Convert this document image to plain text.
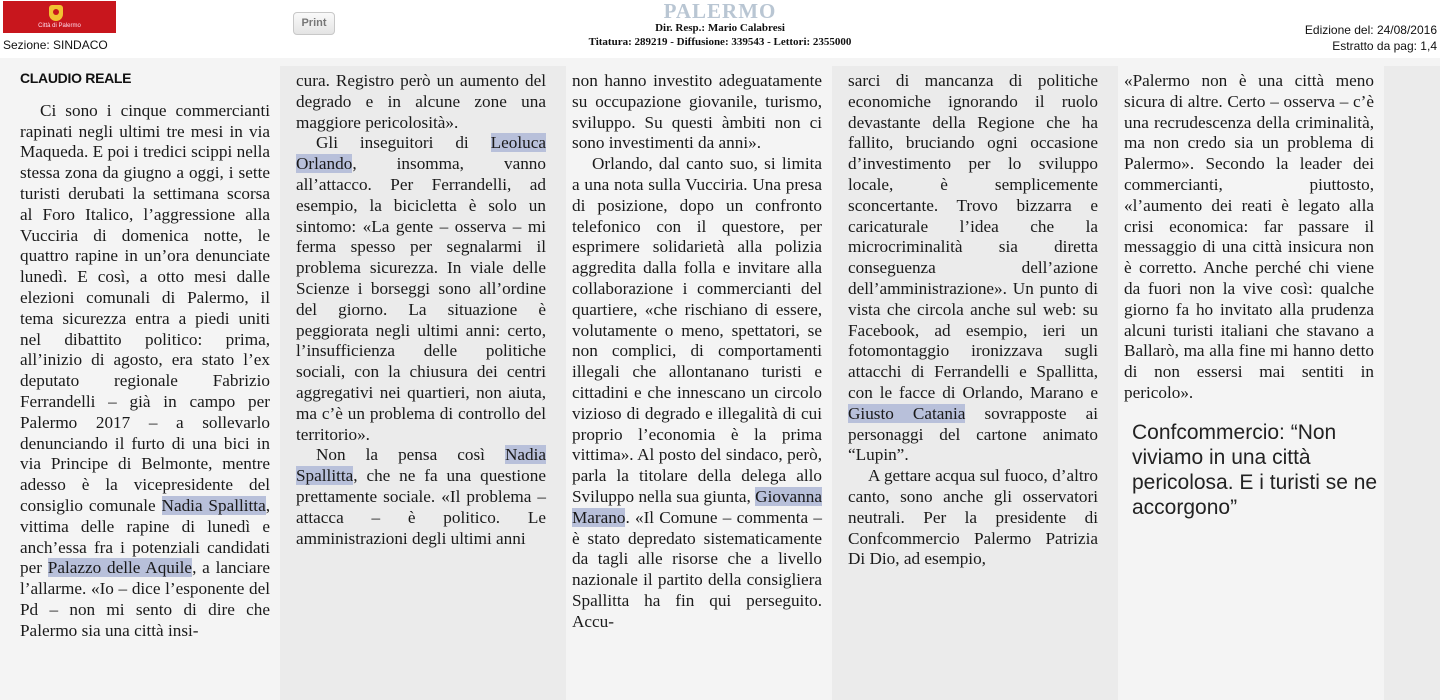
Città di Palermo
Sezione: SINDACO
Print	PALERMO
Dir. Resp.: Mario Calabresi
Titatura: 289219 - Diffusione: 339543 - Lettori: 2355000
Edizione del: 24/08/2016
Estratto da pag: 1,4
CLAUDIO REALE

Ci sono i cinque commercianti rapinati negli ultimi tre mesi in via Maqueda. E poi i tredici scippi nella stessa zona da giugno a oggi, i sette turisti derubati la settimana scorsa al Foro Italico, l’aggressione alla Vucciria di domenica notte, le quattro rapine in un’ora denunciate lunedì. E così, a otto mesi dalle elezioni comunali di Palermo, il tema sicurezza entra a piedi uniti nel dibattito politico: prima, all’inizio di agosto, era stato l’ex deputato regionale Fabrizio Ferrandelli – già in campo per Palermo 2017 – a sollevarlo denunciando il furto di una bici in via Principe di Belmonte, mentre adesso è la vicepresidente del consiglio comunale Nadia Spallitta, vittima delle rapine di lunedì e anch’essa fra i potenziali candidati per Palazzo delle Aquile, a lanciare l’allarme. «Io – dice l’esponente del Pd – non mi sento di dire che Palermo sia una città insi-

cura. Registro però un aumento del degrado e in alcune zone una maggiore pericolosità».

Gli inseguitori di Leoluca Orlando, insomma, vanno all’attacco. Per Ferrandelli, ad esempio, la bicicletta è solo un sintomo: «La gente – osserva – mi ferma spesso per segnalarmi il problema sicurezza. In viale delle Scienze i borseggi sono all’ordine del giorno. La situazione è peggiorata negli ultimi anni: certo, l’insufficienza delle politiche sociali, con la chiusura dei centri aggregativi nei quartieri, non aiuta, ma c’è un problema di controllo del territorio».

Non la pensa così Nadia Spallitta, che ne fa una questione prettamente sociale. «Il problema – attacca – è politico. Le amministrazioni degli ultimi anni

non hanno investito adeguatamente su occupazione giovanile, turismo, sviluppo. Su questi àmbiti non ci sono investimenti da anni».

Orlando, dal canto suo, si limita a una nota sulla Vucciria. Una presa di posizione, dopo un confronto telefonico con il questore, per esprimere solidarietà alla polizia aggredita dalla folla e invitare alla collaborazione i commercianti del quartiere, «che rischiano di essere, volutamente o meno, spettatori, se non complici, di comportamenti illegali che allontanano turisti e cittadini e che innescano un circolo vizioso di degrado e illegalità di cui proprio l’economia è la prima vittima». Al posto del sindaco, però, parla la titolare della delega allo Sviluppo nella sua giunta, Giovanna Marano. «Il Comune – commenta – è stato depredato sistematicamente da tagli alle risorse che a livello nazionale il partito della consigliera Spallitta ha fin qui perseguito. Accu-

sarci di mancanza di politiche economiche ignorando il ruolo devastante della Regione che ha fallito, bruciando ogni occasione d’investimento per lo sviluppo locale, è semplicemente sconcertante. Trovo bizzarra e caricaturale l’idea che la microcriminalità sia diretta conseguenza dell’azione dell’amministrazione». Un punto di vista che circola anche sul web: su Facebook, ad esempio, ieri un fotomontaggio ironizzava sugli attacchi di Ferrandelli e Spallitta, con le facce di Orlando, Marano e Giusto Catania sovrapposte ai personaggi del cartone animato “Lupin”.

A gettare acqua sul fuoco, d’altro canto, sono anche gli osservatori neutrali. Per la presidente di Confcommercio Palermo Patrizia Di Dio, ad esempio,

«Palermo non è una città meno sicura di altre. Certo – osserva – c’è una recrudescenza della criminalità, ma non credo sia un problema di Palermo». Secondo la leader dei commercianti, piuttosto, «l’aumento dei reati è legato alla crisi economica: far passare il messaggio di una città insicura non è corretto. Anche perché chi viene da fuori non la vive così: qualche giorno fa ho invitato alla prudenza alcuni turisti italiani che stavano a Ballarò, ma alla fine mi hanno detto di non essersi mai sentiti in pericolo».

Confcommercio: “Non viviamo in una città pericolosa. E i turisti se ne accorgono”
